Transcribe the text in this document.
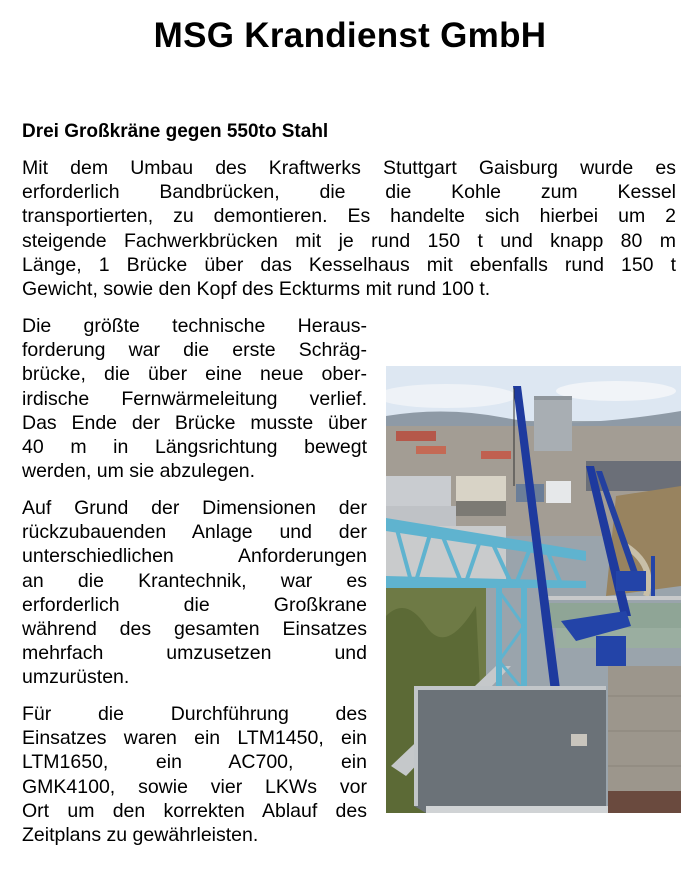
MSG Krandienst GmbH
Drei Großkräne gegen 550to Stahl

Mit dem Umbau des Kraftwerks Stuttgart Gaisburg wurde es
erforderlich Bandbrücken, die die Kohle zum Kessel
transportierten, zu demontieren. Es handelte sich hierbei um 2
steigende Fachwerkbrücken mit je rund 150 t und knapp 80 m
Länge, 1 Brücke über das Kesselhaus mit ebenfalls rund 150 t
Gewicht, sowie den Kopf des Eckturms mit rund 100 t.

Die größte technische Heraus-
forderung war die erste Schräg-
brücke, die über eine neue ober-
irdische Fernwärmeleitung verlief.
Das Ende der Brücke musste über
40 m in Längsrichtung bewegt
werden, um sie abzulegen.

Auf Grund der Dimensionen der
rückzubauenden Anlage und der
unterschiedlichen Anforderungen
an die Krantechnik, war es
erforderlich die Großkrane
während des gesamten Einsatzes
mehrfach umzusetzen und
umzurüsten.

Für die Durchführung des
Einsatzes waren ein LTM1450, ein
LTM1650, ein AC700, ein
GMK4100, sowie vier LKWs vor
Ort um den korrekten Ablauf des
Zeitplans zu gewährleisten.
